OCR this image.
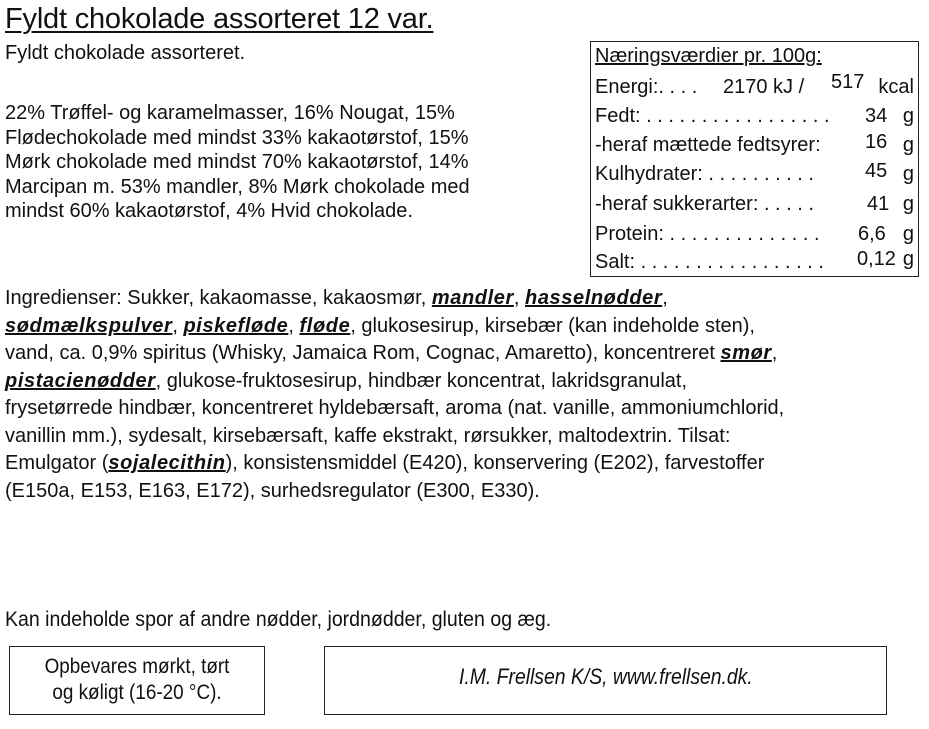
Fyldt chokolade assorteret 12 var.
Fyldt chokolade assorteret.
22% Trøffel- og karamelmasser, 16% Nougat, 15%
Flødechokolade med mindst 33% kakaotørstof, 15%
Mørk chokolade med mindst 70% kakaotørstof, 14%
Marcipan m. 53% mandler, 8% Mørk chokolade med
mindst 60% kakaotørstof, 4% Hvid chokolade.
Næringsværdier pr. 100g:
Energi:. . . . 2170 kJ / 517 kcal
Fedt: . . . . . . . . . . . . . . . . . 34 g
-heraf mættede fedtsyrer: 16 g
Kulhydrater: . . . . . . . . . .	45 g
-heraf sukkerarter: . . . . .	41 g
Protein: . . . . . . . . . . . . . . 6,6 g
Salt: . . . . . . . . . . . . . . . . . 0,12 g
Ingredienser: Sukker, kakaomasse, kakaosmør, mandler, hasselnødder,
sødmælkspulver, piskefløde, fløde, glukosesirup, kirsebær (kan indeholde sten),
vand, ca. 0,9% spiritus (Whisky, Jamaica Rom, Cognac, Amaretto), koncentreret smør,
pistacienødder, glukose-fruktosesirup, hindbær koncentrat, lakridsgranulat,
frysetørrede hindbær, koncentreret hyldebærsaft, aroma (nat. vanille, ammoniumchlorid,
vanillin mm.), sydesalt, kirsebærsaft, kaffe ekstrakt, rørsukker, maltodextrin. Tilsat:
Emulgator (sojalecithin), konsistensmiddel (E420), konservering (E202), farvestoffer
(E150a, E153, E163, E172), surhedsregulator (E300, E330).
Kan indeholde spor af andre nødder, jordnødder, gluten og æg.
Opbevares mørkt, tørt
og køligt (16-20 °C).
I.M. Frellsen K/S, www.frellsen.dk.
